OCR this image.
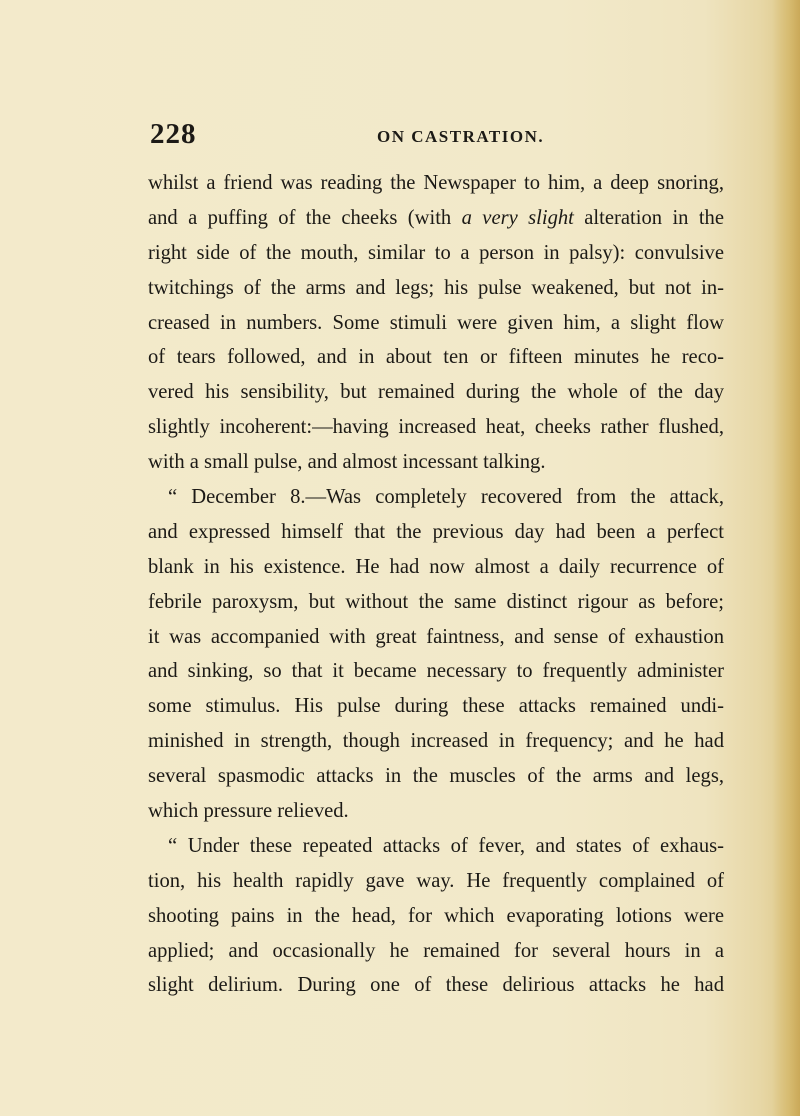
228	ON CASTRATION.
whilst a friend was reading the Newspaper to him, a deep snoring,
and a puffing of the cheeks (with a very slight alteration in the
right side of the mouth, similar to a person in palsy): convulsive
twitchings of the arms and legs; his pulse weakened, but not in-
creased in numbers. Some stimuli were given him, a slight flow
of tears followed, and in about ten or fifteen minutes he reco-
vered his sensibility, but remained during the whole of the day
slightly incoherent:—having increased heat, cheeks rather flushed,
with a small pulse, and almost incessant talking.
“ December 8.—Was completely recovered from the attack,
and expressed himself that the previous day had been a perfect
blank in his existence. He had now almost a daily recurrence of
febrile paroxysm, but without the same distinct rigour as before;
it was accompanied with great faintness, and sense of exhaustion
and sinking, so that it became necessary to frequently administer
some stimulus. His pulse during these attacks remained undi-
minished in strength, though increased in frequency; and he had
several spasmodic attacks in the muscles of the arms and legs,
which pressure relieved.
“ Under these repeated attacks of fever, and states of exhaus-
tion, his health rapidly gave way. He frequently complained of
shooting pains in the head, for which evaporating lotions were
applied; and occasionally he remained for several hours in a
slight delirium. During one of these delirious attacks he had
